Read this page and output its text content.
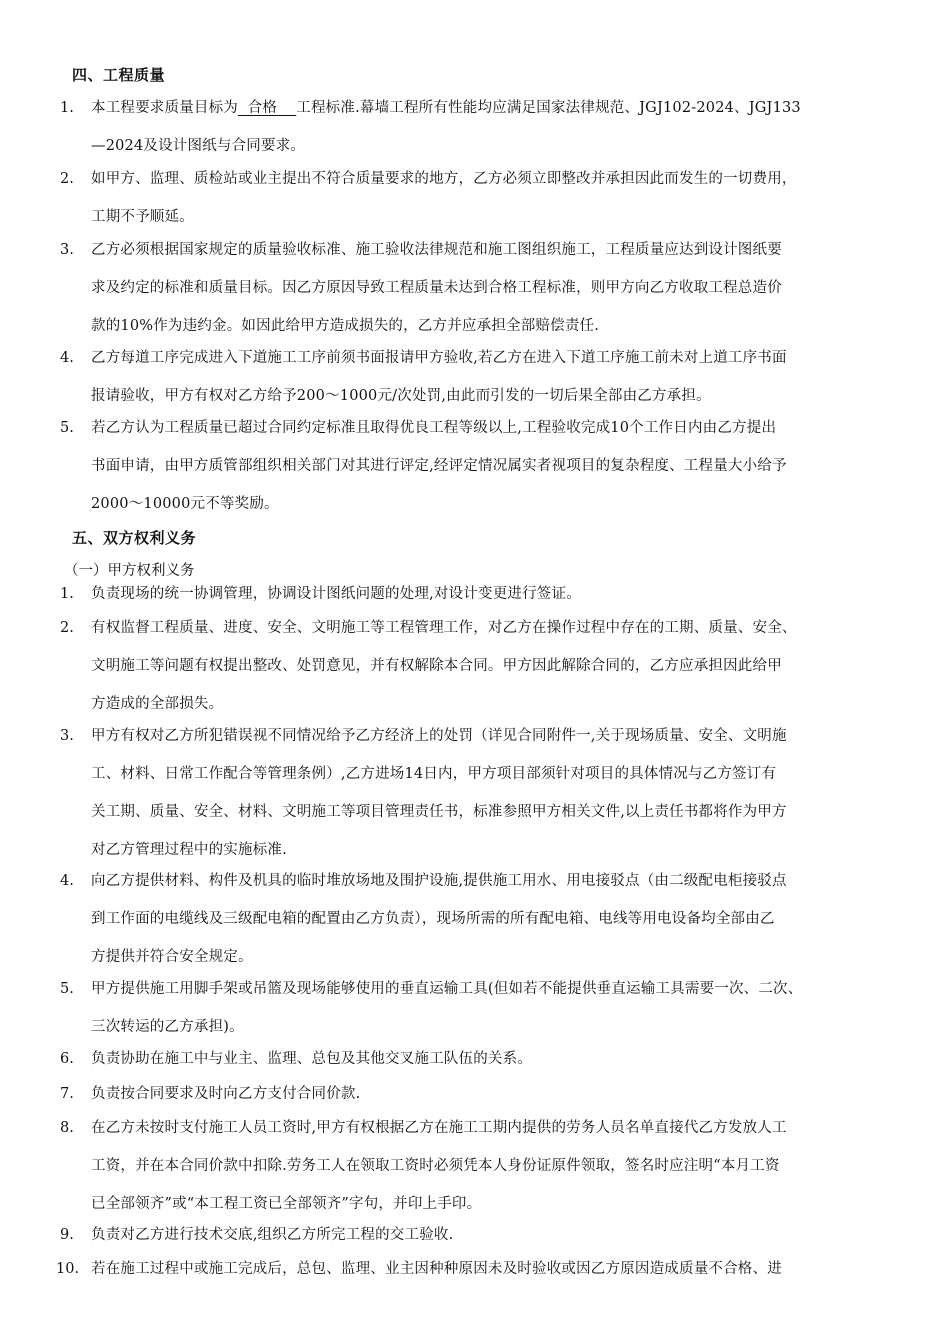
四、工程质量
1. 本工程要求质量目标为  合格    工程标准.幕墙工程所有性能均应满足国家法律规范、JGJ102-2024、JGJ133
—2024及设计图纸与合同要求。
2. 如甲方、监理、质检站或业主提出不符合质量要求的地方，乙方必须立即整改并承担因此而发生的一切费用，
工期不予顺延。
3. 乙方必须根据国家规定的质量验收标准、施工验收法律规范和施工图组织施工，工程质量应达到设计图纸要
求及约定的标准和质量目标。因乙方原因导致工程质量未达到合格工程标准，则甲方向乙方收取工程总造价
款的10%作为违约金。如因此给甲方造成损失的，乙方并应承担全部赔偿责任.
4. 乙方每道工序完成进入下道施工工序前须书面报请甲方验收,若乙方在进入下道工序施工前未对上道工序书面
报请验收，甲方有权对乙方给予200～1000元/次处罚,由此而引发的一切后果全部由乙方承担。
5. 若乙方认为工程质量已超过合同约定标准且取得优良工程等级以上,工程验收完成10个工作日内由乙方提出
书面申请，由甲方质管部组织相关部门对其进行评定,经评定情况属实者视项目的复杂程度、工程量大小给予
2000～10000元不等奖励。
五、双方权利义务
（一）甲方权利义务
1. 负责现场的统一协调管理，协调设计图纸问题的处理,对设计变更进行签证。
2. 有权监督工程质量、进度、安全、文明施工等工程管理工作，对乙方在操作过程中存在的工期、质量、安全、
文明施工等问题有权提出整改、处罚意见，并有权解除本合同。甲方因此解除合同的，乙方应承担因此给甲
方造成的全部损失。
3. 甲方有权对乙方所犯错误视不同情况给予乙方经济上的处罚（详见合同附件一,关于现场质量、安全、文明施
工、材料、日常工作配合等管理条例）,乙方进场14日内，甲方项目部须针对项目的具体情况与乙方签订有
关工期、质量、安全、材料、文明施工等项目管理责任书，标准参照甲方相关文件,以上责任书都将作为甲方
对乙方管理过程中的实施标准.
4. 向乙方提供材料、构件及机具的临时堆放场地及围护设施,提供施工用水、用电接驳点（由二级配电柜接驳点
到工作面的电缆线及三级配电箱的配置由乙方负责），现场所需的所有配电箱、电线等用电设备均全部由乙
方提供并符合安全规定。
5. 甲方提供施工用脚手架或吊篮及现场能够使用的垂直运输工具(但如若不能提供垂直运输工具需要一次、二次、
三次转运的乙方承担)。
6. 负责协助在施工中与业主、监理、总包及其他交叉施工队伍的关系。
7. 负责按合同要求及时向乙方支付合同价款.
8. 在乙方未按时支付施工人员工资时,甲方有权根据乙方在施工工期内提供的劳务人员名单直接代乙方发放人工
工资，并在本合同价款中扣除.劳务工人在领取工资时必须凭本人身份证原件领取，签名时应注明“本月工资
已全部领齐”或“本工程工资已全部领齐”字句，并印上手印。
9. 负责对乙方进行技术交底,组织乙方所完工程的交工验收.
10. 若在施工过程中或施工完成后，总包、监理、业主因种种原因未及时验收或因乙方原因造成质量不合格、进
